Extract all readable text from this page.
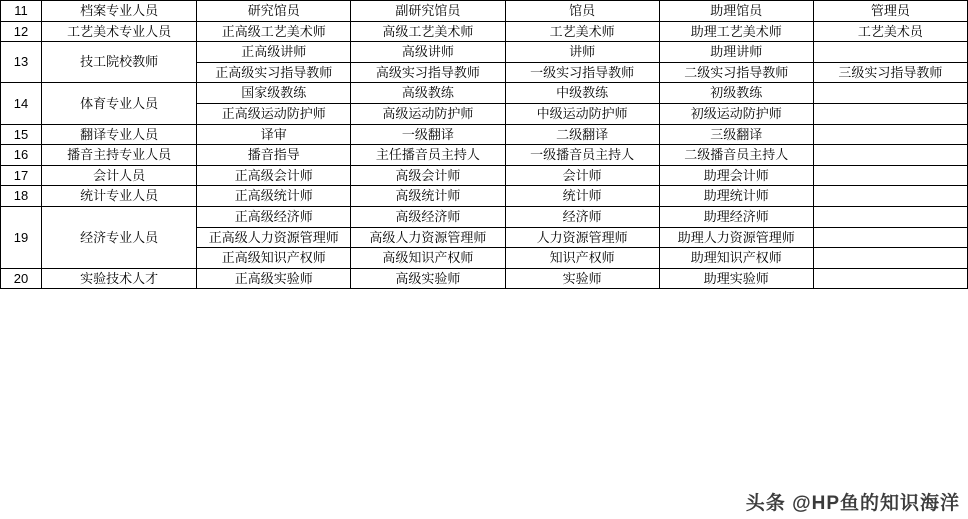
11	档案专业人员	研究馆员	副研究馆员	馆员	助理馆员	管理员
12	工艺美术专业人员	正高级工艺美术师	高级工艺美术师	工艺美术师	助理工艺美术师	工艺美术员
13	技工院校教师	正高级讲师	高级讲师	讲师	助理讲师	
		正高级实习指导教师	高级实习指导教师	一级实习指导教师	二级实习指导教师	三级实习指导教师
14	体育专业人员	国家级教练	高级教练	中级教练	初级教练	
		正高级运动防护师	高级运动防护师	中级运动防护师	初级运动防护师	
15	翻译专业人员	译审	一级翻译	二级翻译	三级翻译	
16	播音主持专业人员	播音指导	主任播音员主持人	一级播音员主持人	二级播音员主持人	
17	会计人员	正高级会计师	高级会计师	会计师	助理会计师	
18	统计专业人员	正高级统计师	高级统计师	统计师	助理统计师	
19	经济专业人员	正高级经济师	高级经济师	经济师	助理经济师	
		正高级人力资源管理师	高级人力资源管理师	人力资源管理师	助理人力资源管理师	
		正高级知识产权师	高级知识产权师	知识产权师	助理知识产权师	
20	实验技术人才	正高级实验师	高级实验师	实验师	助理实验师	
头条 @HP鱼的知识海洋
